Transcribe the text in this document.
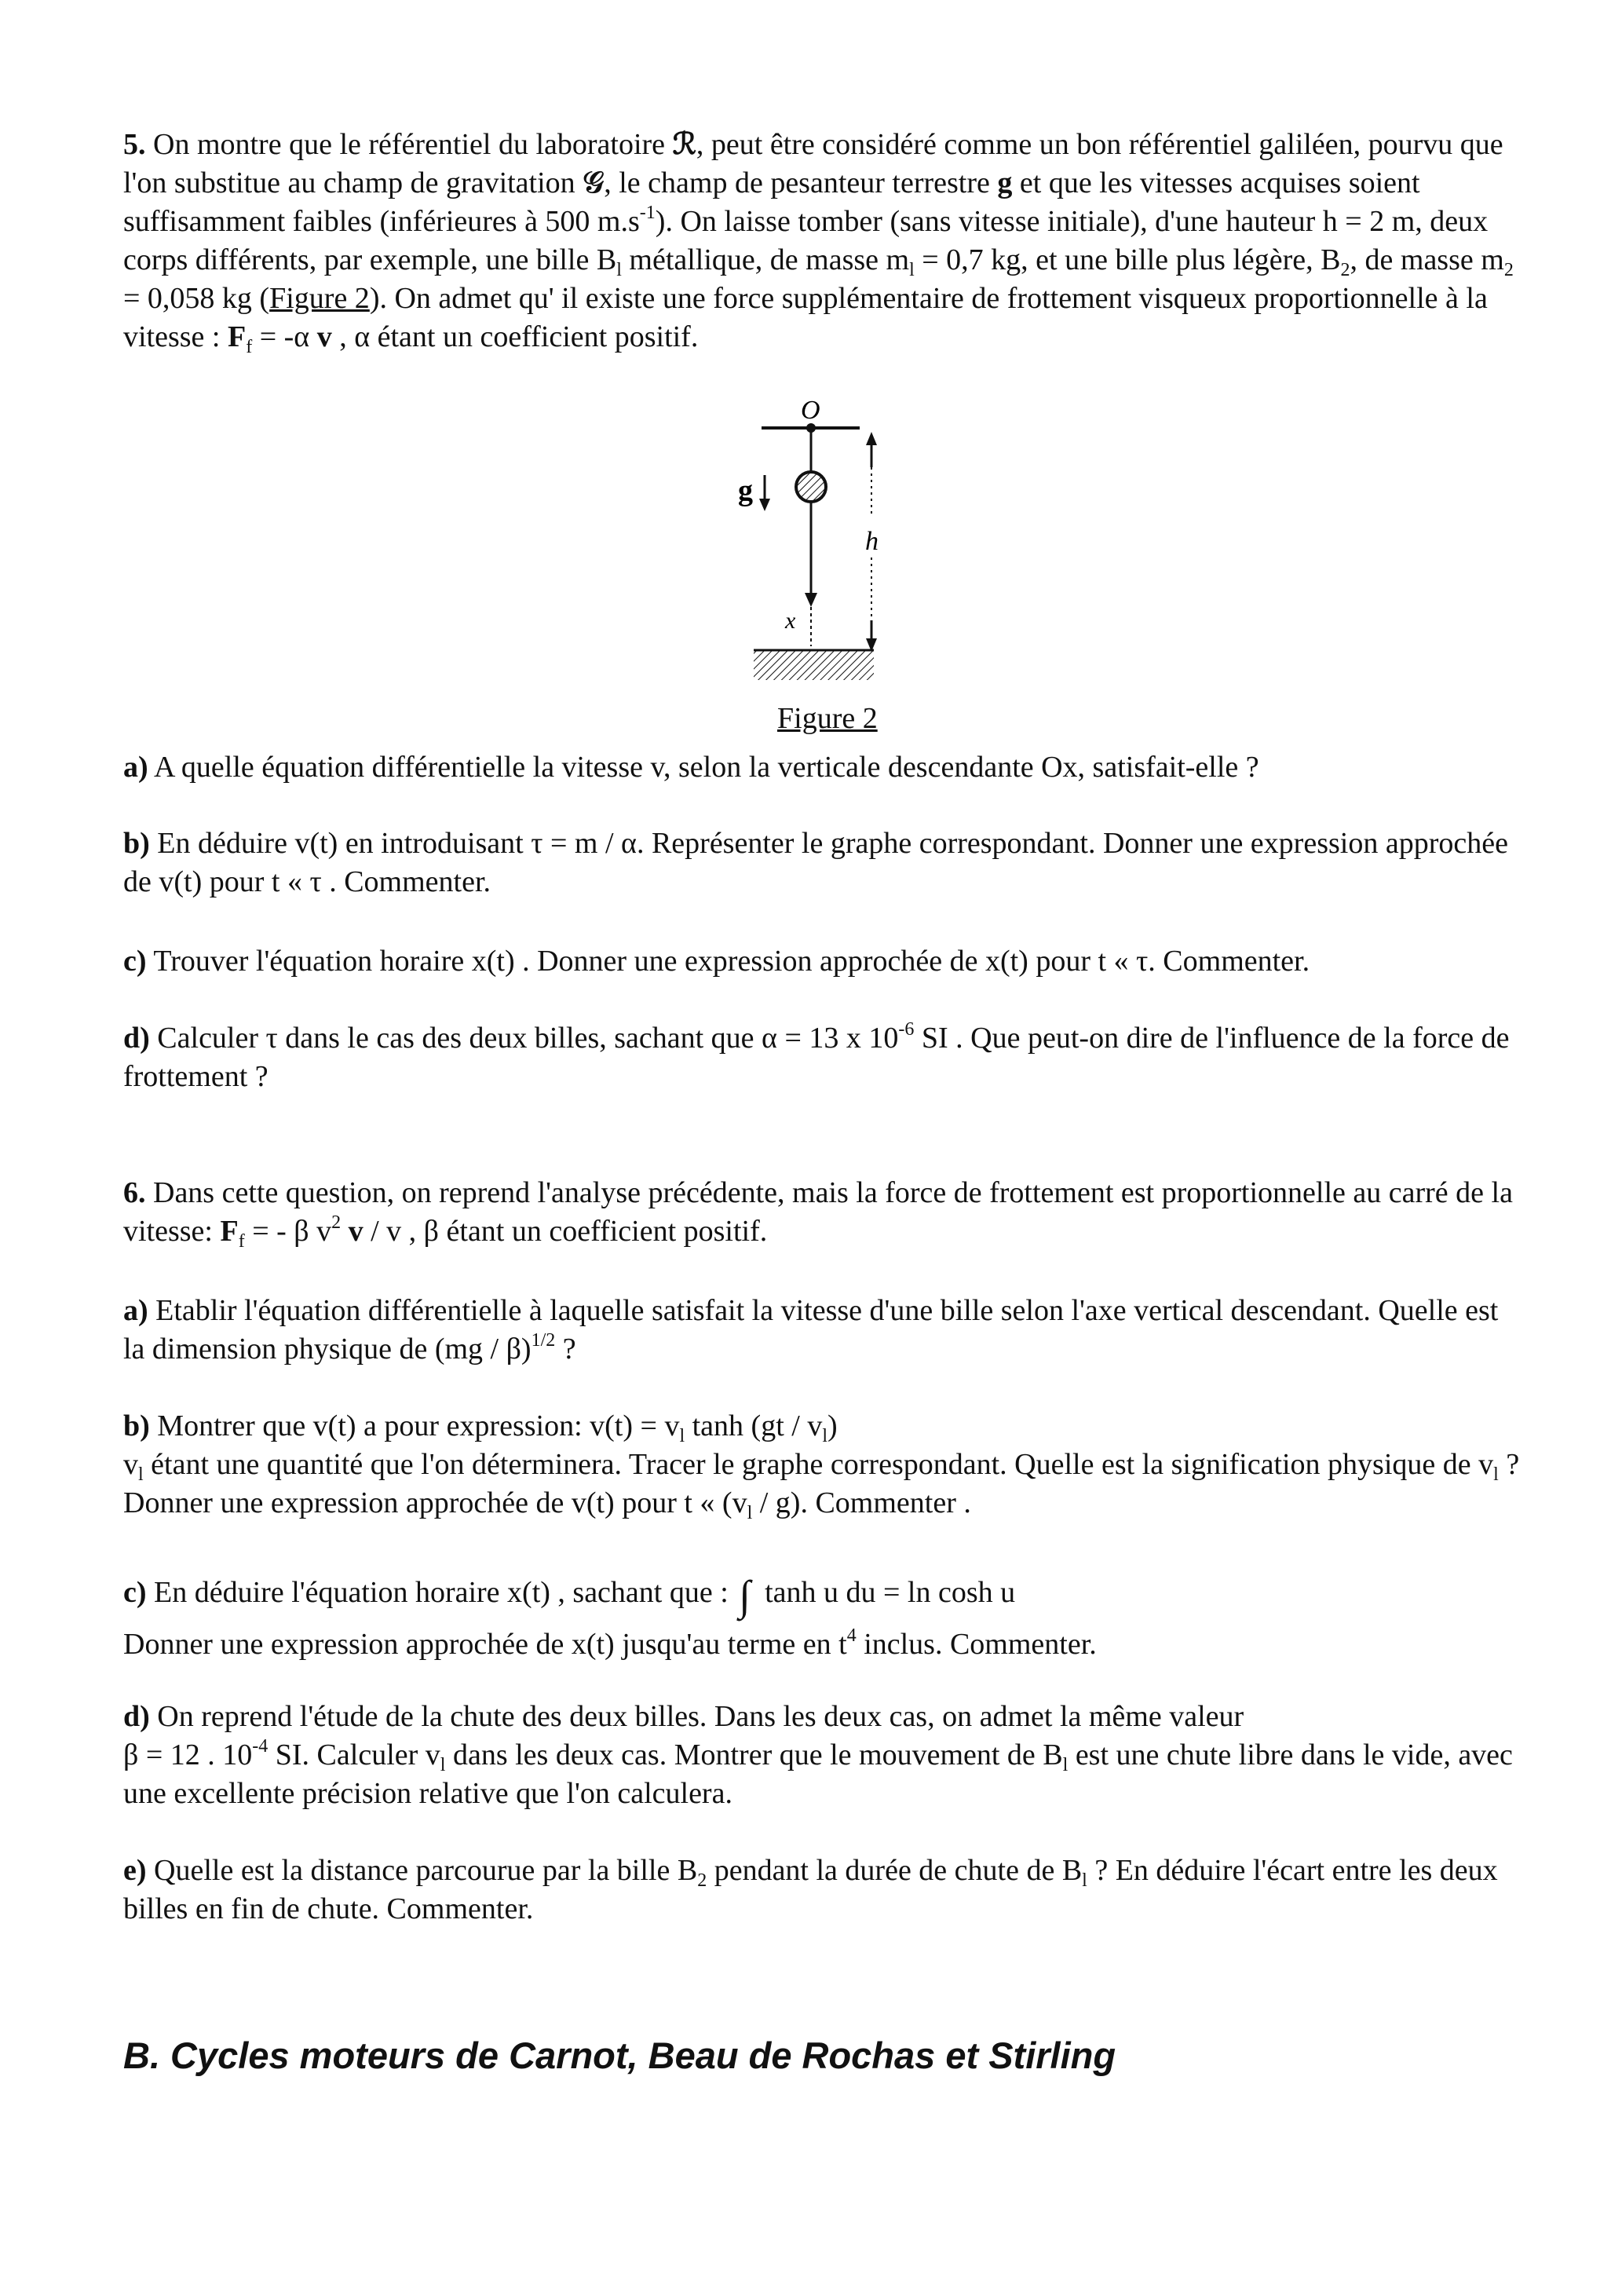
5. On montre que le référentiel du laboratoire ℛ, peut être considéré comme un bon référentiel galiléen, pourvu que l'on substitue au champ de gravitation 𝒢, le champ de pesanteur terrestre g et que les vitesses acquises soient suffisamment faibles (inférieures à 500 $m.s^{-1}$). On laisse tomber (sans vitesse initiale), d'une hauteur h = 2 m, deux corps différents, par exemple, une bille $B_l$ métallique, de masse $m_l = 0,7$ kg, et une bille plus légère, $B_2$, de masse $m_2 = 0,058$ kg (Figure 2). On admet qu' il existe une force supplémentaire de frottement visqueux proportionnelle à la vitesse : $F_f = -\alpha$ v , α étant un coefficient positif.
O
x
g
h
Figure 2
a) A quelle équation différentielle la vitesse v, selon la verticale descendante Ox, satisfait-elle ?
b) En déduire v(t) en introduisant τ = m / α. Représenter le graphe correspondant. Donner une expression approchée de v(t) pour t « τ . Commenter.
c) Trouver l'équation horaire x(t) . Donner une expression approchée de x(t) pour t « τ. Commenter.
d) Calculer τ dans le cas des deux billes, sachant que α = 13 x $10^{-6}$ SI . Que peut-on dire de l'influence de la force de frottement ?
6. Dans cette question, on reprend l'analyse précédente, mais la force de frottement est proportionnelle au carré de la vitesse: $F_f$ = - β $v^2$ v / v , β étant un coefficient positif.
a) Etablir l'équation différentielle à laquelle satisfait la vitesse d'une bille selon l'axe vertical descendant. Quelle est la dimension physique de (mg / β)$^{1/2}$ ?
b) Montrer que v(t) a pour expression: $v(t) = v_l$ $\tanh (gt / v_l)$
$v_l$ étant une quantité que l'on déterminera. Tracer le graphe correspondant. Quelle est la signification physique de $v_l$ ? Donner une expression approchée de v(t) pour t « $(v_l / g)$. Commenter .
c) En déduire l'équation horaire x(t) , sachant que : ∫ tanh u du = ln cosh u
Donner une expression approchée de x(t) jusqu'au terme en $t^4$ inclus. Commenter.
d) On reprend l'étude de la chute des deux billes. Dans les deux cas, on admet la même valeur
β = 12 . $10^{-4}$ SI. Calculer $v_l$ dans les deux cas. Montrer que le mouvement de $B_l$ est une chute libre dans le vide, avec une excellente précision relative que l'on calculera.
e) Quelle est la distance parcourue par la bille $B_2$ pendant la durée de chute de $B_l$ ? En déduire l'écart entre les deux billes en fin de chute. Commenter.
B. Cycles moteurs de Carnot, Beau de Rochas et Stirling
